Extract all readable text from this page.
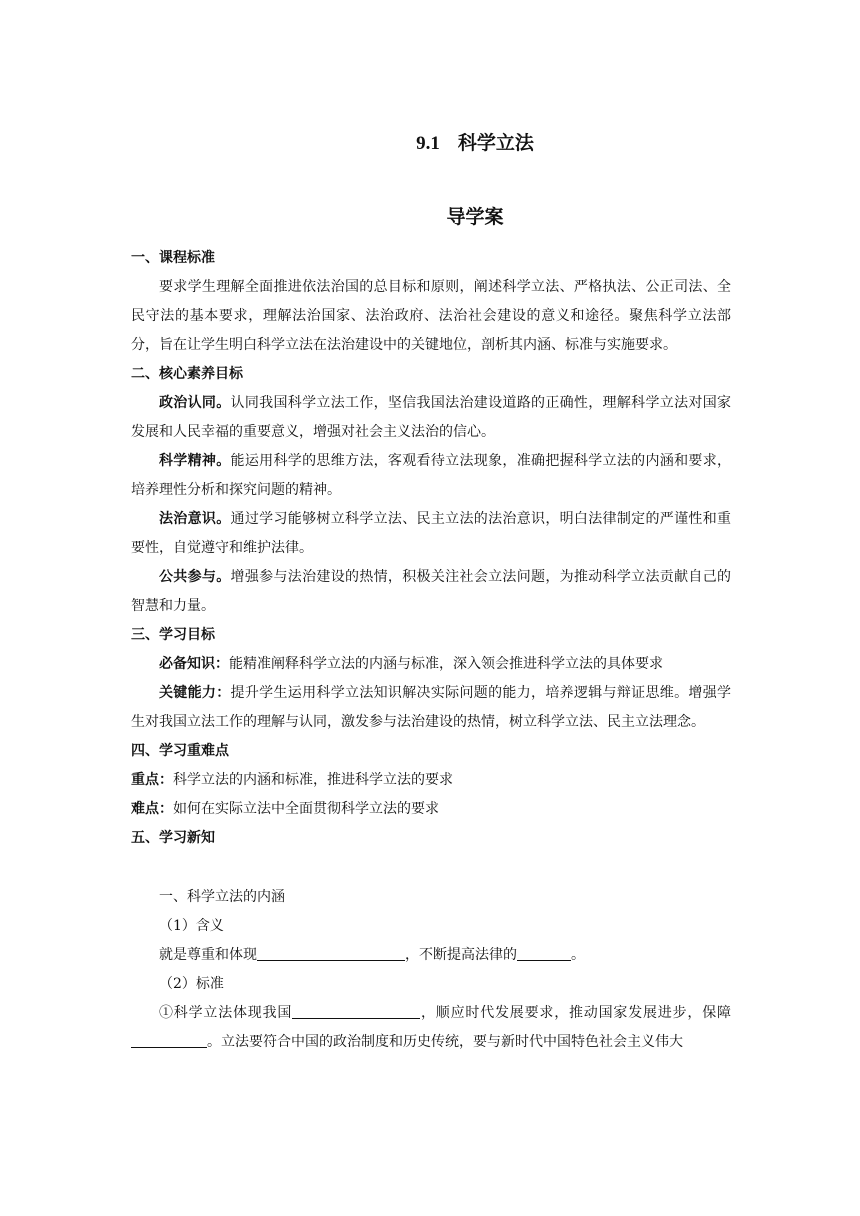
9.1 科学立法
导学案

一、课程标准

要求学生理解全面推进依法治国的总目标和原则，阐述科学立法、严格执法、公正司法、全民守法的基本要求，理解法治国家、法治政府、法治社会建设的意义和途径。聚焦科学立法部分，旨在让学生明白科学立法在法治建设中的关键地位，剖析其内涵、标准与实施要求。

二、核心素养目标

政治认同。认同我国科学立法工作，坚信我国法治建设道路的正确性，理解科学立法对国家发展和人民幸福的重要意义，增强对社会主义法治的信心。

科学精神。能运用科学的思维方法，客观看待立法现象，准确把握科学立法的内涵和要求，培养理性分析和探究问题的精神。

法治意识。通过学习能够树立科学立法、民主立法的法治意识，明白法律制定的严谨性和重要性，自觉遵守和维护法律。

公共参与。增强参与法治建设的热情，积极关注社会立法问题，为推动科学立法贡献自己的智慧和力量。

三、学习目标

必备知识：能精准阐释科学立法的内涵与标准，深入领会推进科学立法的具体要求

关键能力：提升学生运用科学立法知识解决实际问题的能力，培养逻辑与辩证思维。增强学生对我国立法工作的理解与认同，激发参与法治建设的热情，树立科学立法、民主立法理念。

四、学习重难点

重点：科学立法的内涵和标准，推进科学立法的要求

难点：如何在实际立法中全面贯彻科学立法的要求

五、学习新知

一、科学立法的内涵

（1）含义

就是尊重和体现	，不断提高法律的	。

（2）标准

①科学立法体现我国	，顺应时代发展要求，推动国家发展进步，保障。立法要符合中国的政治制度和历史传统，要与新时代中国特色社会主义伟大
